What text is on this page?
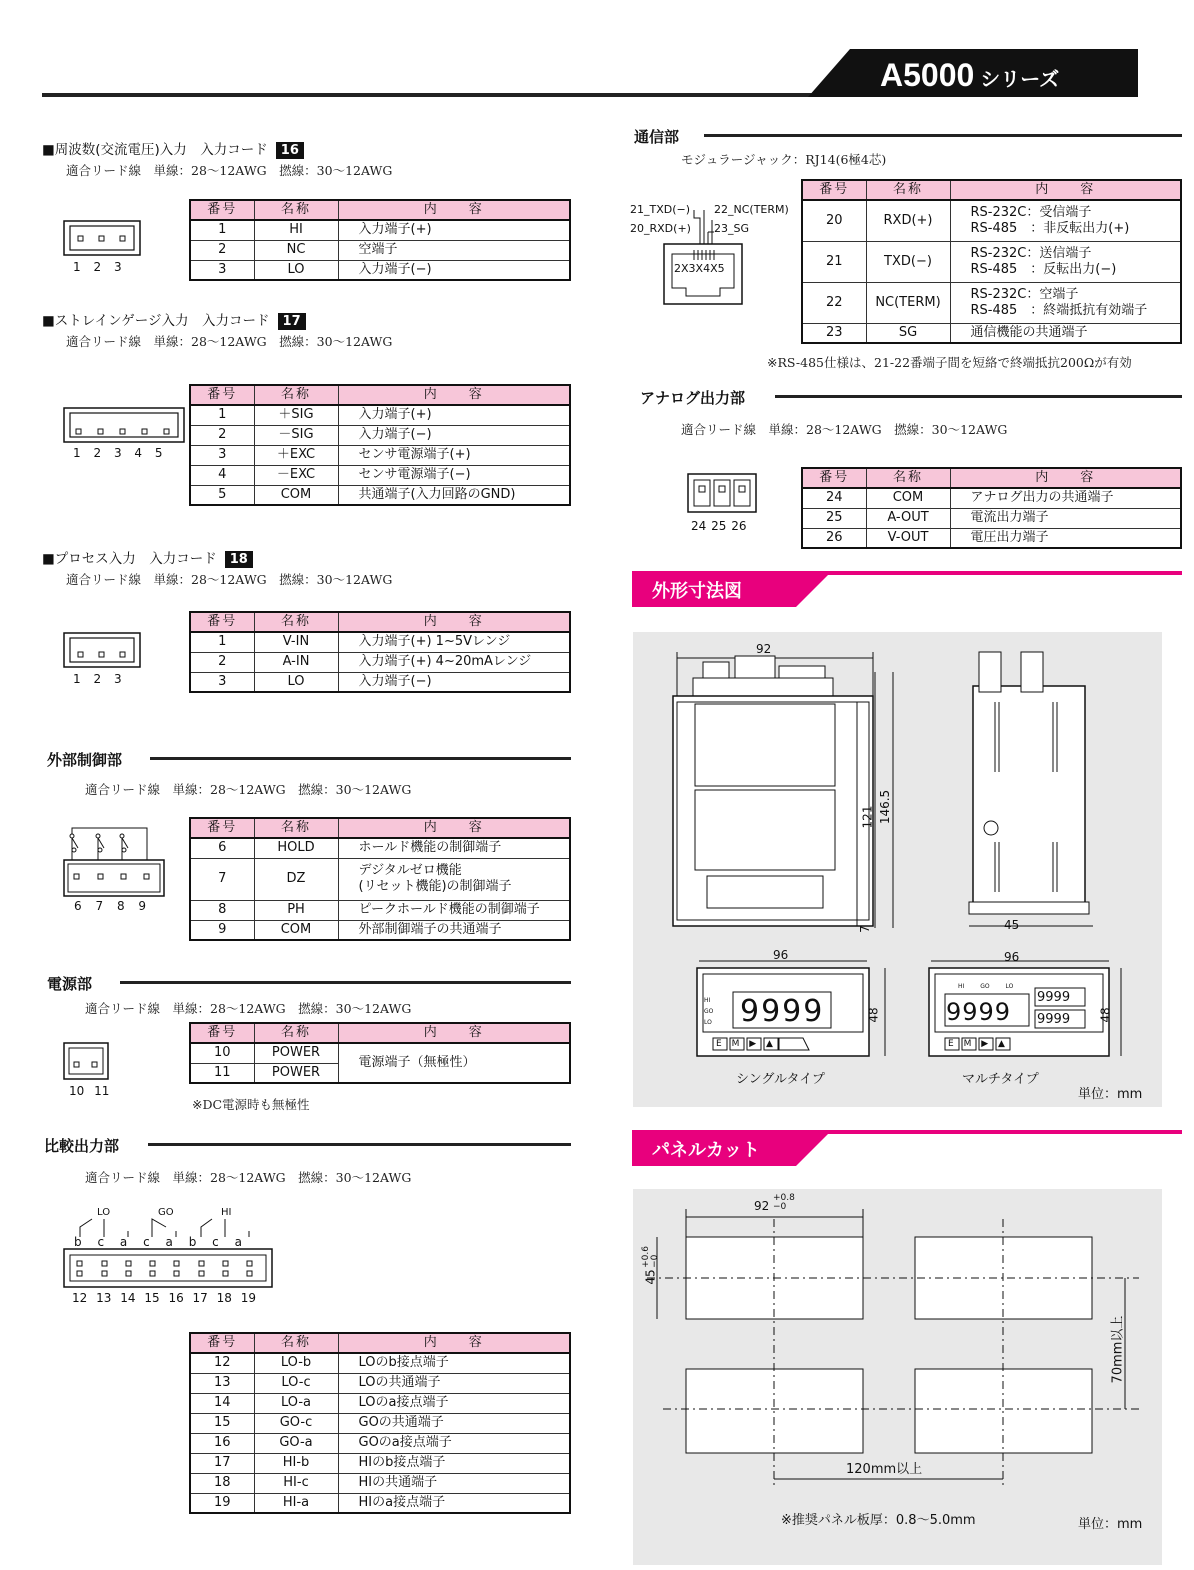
A5000 シリーズ
■周波数(交流電圧)入力　入力コード 16
適合リード線　単線：28～12AWG　撚線：30～12AWG
1 2 3
番号	名称	内　　容
1	HI	入力端子(+)
2	NC	空端子
3	LO	入力端子(−)
■ストレインゲージ入力　入力コード 17
適合リード線　単線：28～12AWG　撚線：30～12AWG
1 2 3 4 5
番号	名称	内　　容
1	＋SIG	入力端子(+)
2	－SIG	入力端子(−)
3	＋EXC	センサ電源端子(+)
4	－EXC	センサ電源端子(−)
5	COM	共通端子(入力回路のGND)
■プロセス入力　入力コード 18
適合リード線　単線：28～12AWG　撚線：30～12AWG
1 2 3
番号	名称	内　　容
1	V-IN	入力端子(+) 1~5Vレンジ
2	A-IN	入力端子(+) 4~20mAレンジ
3	LO	入力端子(−)
外部制御部
適合リード線　単線：28～12AWG　撚線：30～12AWG
6 7 8 9
番号	名称	内　　容
6	HOLD	ホールド機能の制御端子
7	DZ	デジタルゼロ機能
(リセット機能)の制御端子
8	PH	ピークホールド機能の制御端子
9	COM	外部制御端子の共通端子
電源部
適合リード線　単線：28～12AWG　撚線：30～12AWG
10 11
番号	名称	内　　容
10	POWER	電源端子（無極性）
11	POWER	
※DC電源時も無極性
比較出力部
適合リード線　単線：28～12AWG　撚線：30～12AWG
LO	GO	HI
b c a c a b c a
12 13 14 15 16 17 18 19
番号	名称	内　　容
12	LO-b	LOのb接点端子
13	LO-c	LOの共通端子
14	LO-a	LOのa接点端子
15	GO-c	GOの共通端子
16	GO-a	GOのa接点端子
17	HI-b	HIのb接点端子
18	HI-c	HIの共通端子
19	HI-a	HIのa接点端子
通信部
モジュラージャック：RJ14(6極4芯)
21_TXD(−) 22_NC(TERM)
20_RXD(+) 23_SG
2X3X4X5
番号	名称	内　　容
20	RXD(+)	RS-232C：受信端子
RS-485　：非反転出力(+)

21	TXD(−)	RS-232C：送信端子
RS-485　：反転出力(−)

22	NC(TERM)	RS-232C：空端子
RS-485　：終端抵抗有効端子

23	SG	通信機能の共通端子
※RS-485仕様は、21-22番端子間を短絡で終端抵抗200Ωが有効
アナログ出力部
適合リード線　単線：28～12AWG　撚線：30～12AWG
24 25 26
番号	名称	内　　容
24	COM	アナログ出力の共通端子
25	A-OUT	電流出力端子
26	V-OUT	電圧出力端子
外形寸法図
92
121 146.5
7	45
96	96
48	48
9999	9999
9999
9999
HI
GO
LO
E M ▶ ▲	E M ▶ ▲
HI	GO	LO
シングルタイプ	マルチタイプ
単位：mm
パネルカット
92
+0.8
−0
45
+0.6
−0
70mm以上
120mm以上
※推奨パネル板厚：0.8～5.0mm	単位：mm
